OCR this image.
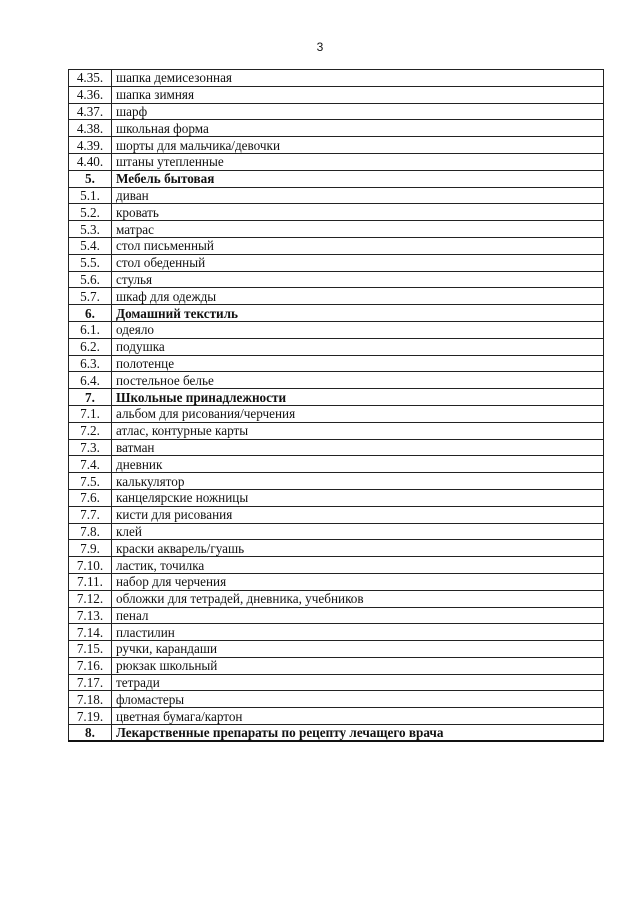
3
4.35.	шапка демисезонная
4.36.	шапка зимняя
4.37.	шарф
4.38.	школьная форма
4.39.	шорты для мальчика/девочки
4.40.	штаны утепленные
5.	Мебель бытовая
5.1.	диван
5.2.	кровать
5.3.	матрас
5.4.	стол письменный
5.5.	стол обеденный
5.6.	стулья
5.7.	шкаф для одежды
6.	Домашний текстиль
6.1.	одеяло
6.2.	подушка
6.3.	полотенце
6.4.	постельное белье
7.	Школьные принадлежности
7.1.	альбом для рисования/черчения
7.2.	атлас, контурные карты
7.3.	ватман
7.4.	дневник
7.5.	калькулятор
7.6.	канцелярские ножницы
7.7.	кисти для рисования
7.8.	клей
7.9.	краски акварель/гуашь
7.10.	ластик, точилка
7.11.	набор для черчения
7.12.	обложки для тетрадей, дневника, учебников
7.13.	пенал
7.14.	пластилин
7.15.	ручки, карандаши
7.16.	рюкзак школьный
7.17.	тетради
7.18.	фломастеры
7.19.	цветная бумага/картон
8.	Лекарственные препараты по рецепту лечащего врача
